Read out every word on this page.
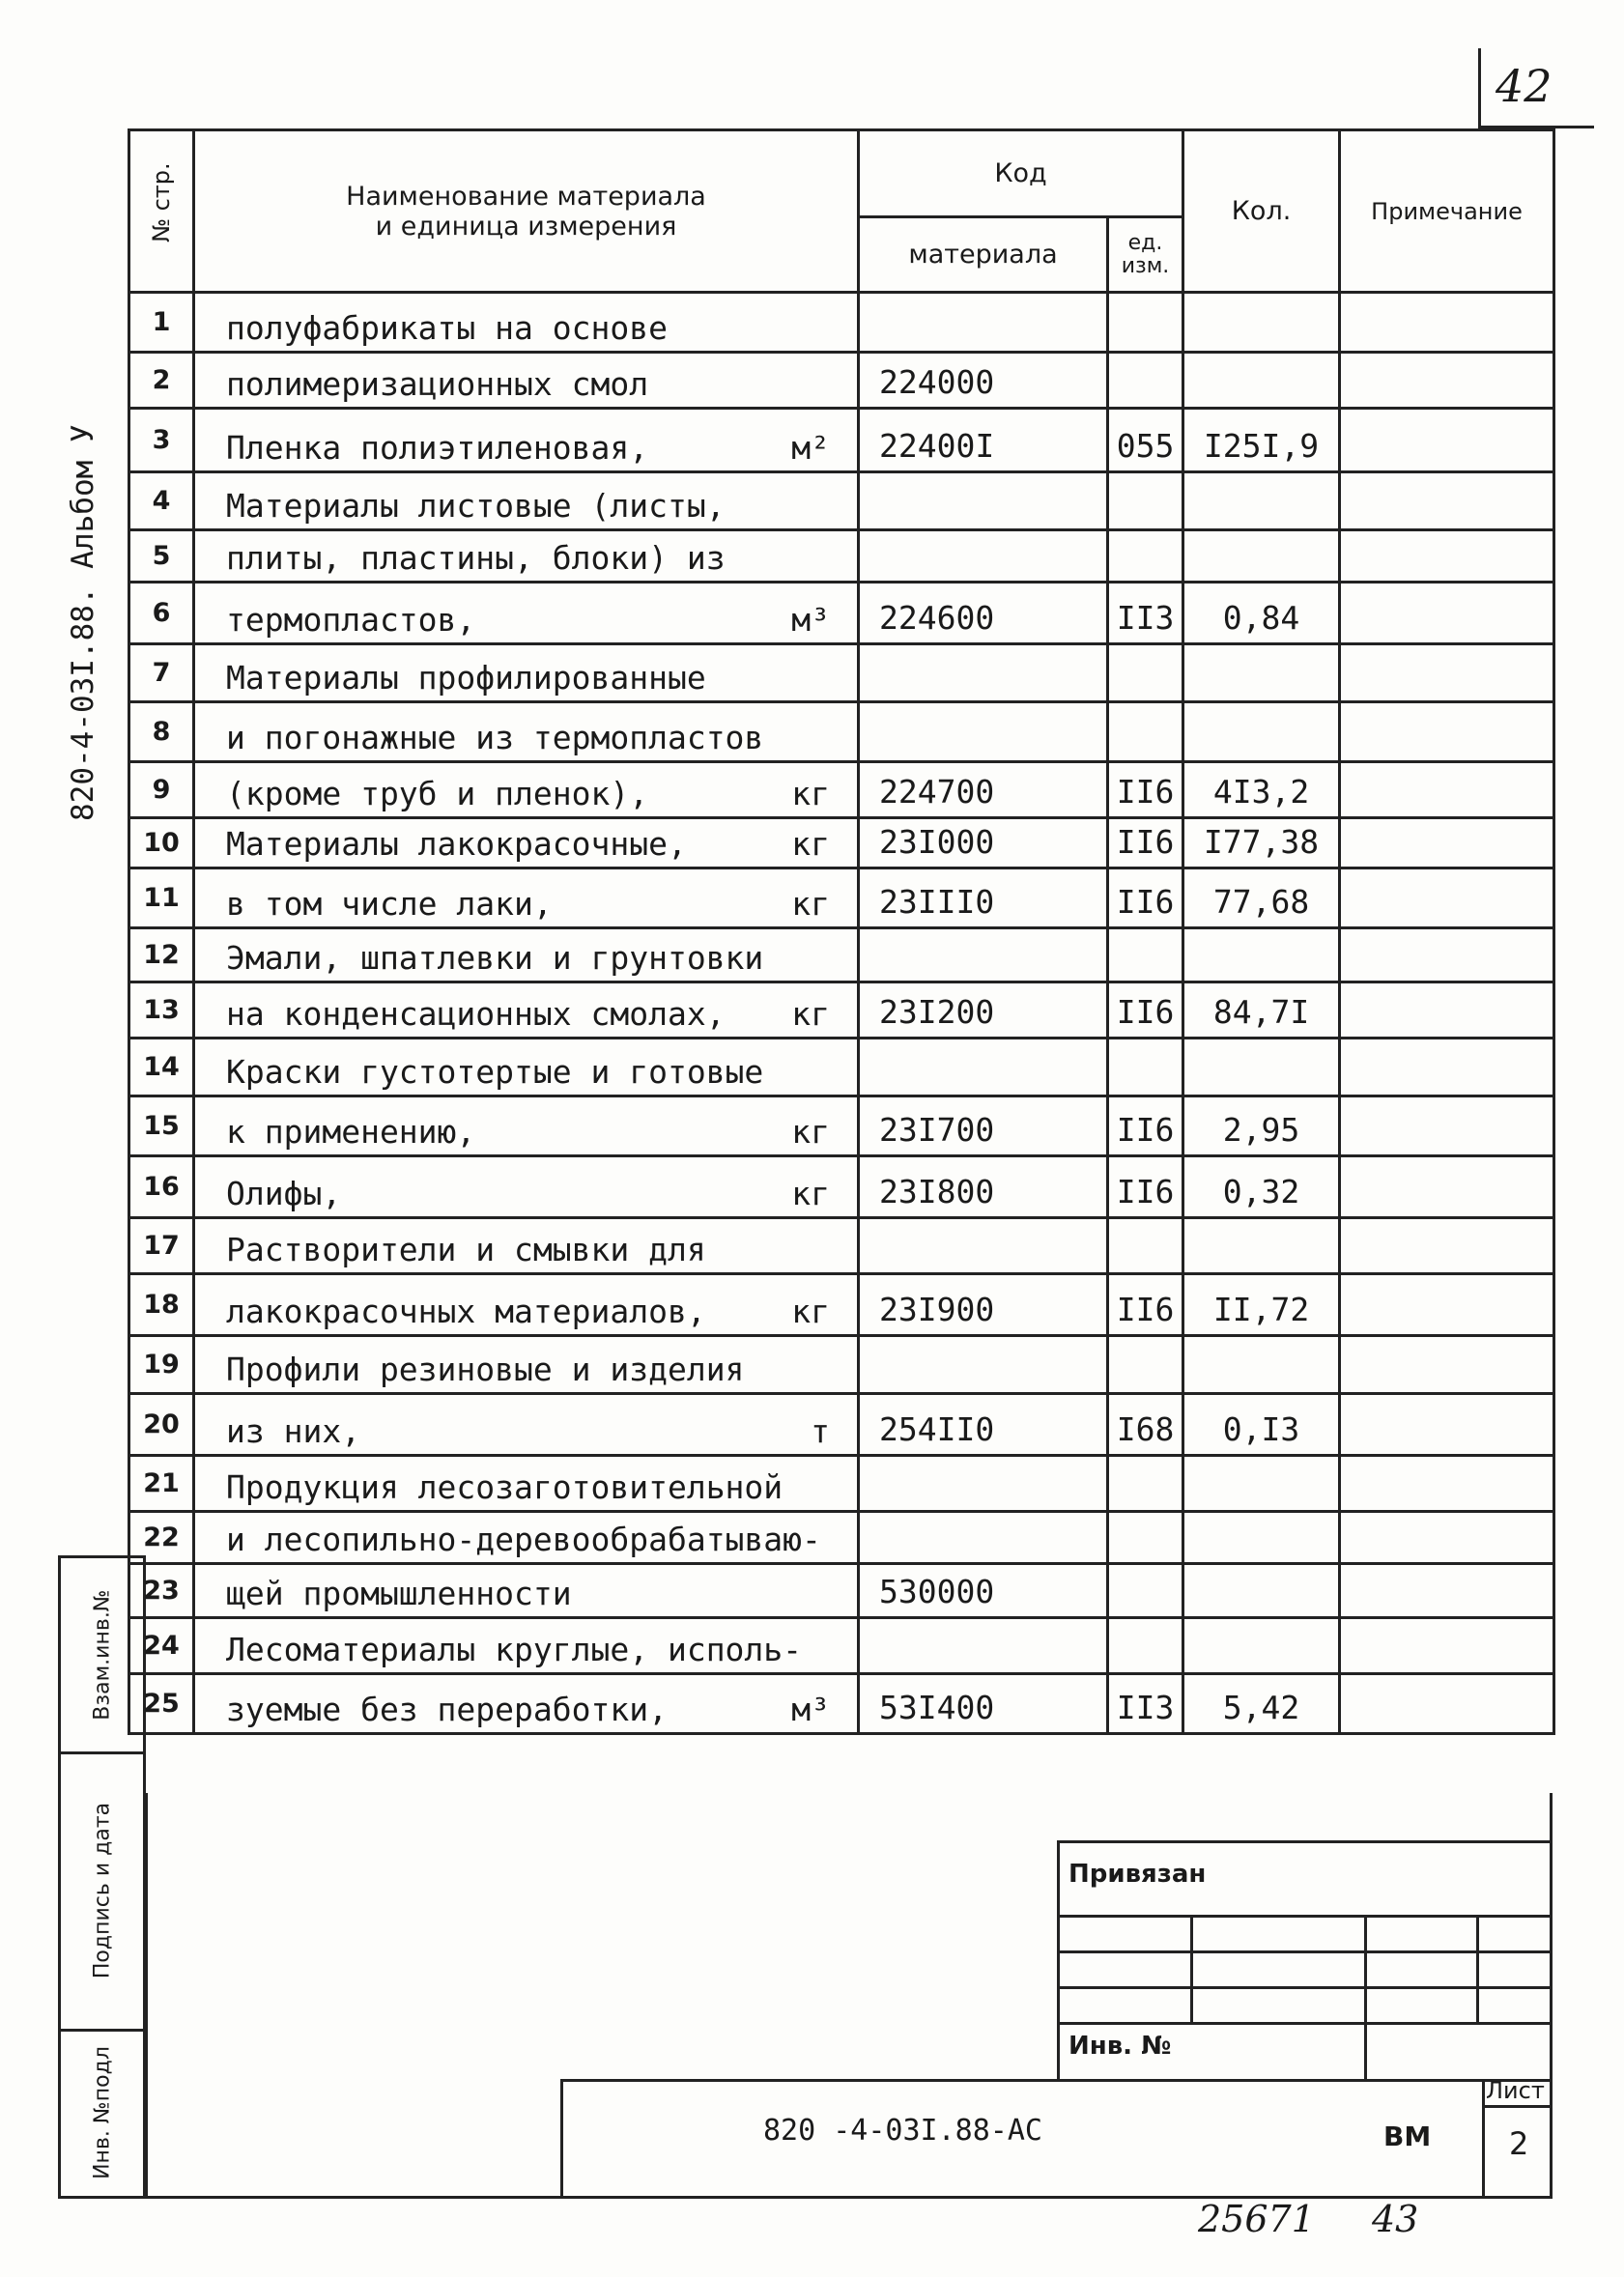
42
820-4-03I.88. Альбом У
Взам.инв.№
Подпись и дата
Инв. №подл
№ стр.	Наименование материала
и единица измерения	Код		Кол.	Примечание
		материала	ед. изм.		
1	полуфабрикаты на основе

2	полимеризационных смол	224000			
3	Пленка полиэтиленовая, м²	22400I	055	I25I,9	
4	Материалы листовые (листы,

5	плиты, пластины, блоки) из

6	термопластов, м³	224600	II3	0,84	
7	Материалы профилированные

8	и погонажные из термопластов

9	(кроме труб и пленок), кг	224700	II6	4I3,2	
10	Материалы лакокрасочные, кг	23I000	II6	I77,38	
11	в том числе лаки, кг	23III0	II6	77,68	
12	Эмали, шпатлевки и грунтовки

13	на конденсационных смолах, кг	23I200	II6	84,7I	
14	Краски густотертые и готовые

15	к применению, кг	23I700	II6	2,95	
16	Олифы, кг	23I800	II6	0,32	
17	Растворители и смывки для

18	лакокрасочных материалов, кг	23I900	II6	II,72	
19	Профили резиновые и изделия

20	из них, т	254II0	I68	0,I3	
21	Продукция лесозаготовительной

22	и лесопильно-деревообрабатываю-

23	щей промышленности	530000			
24	Лесоматериалы круглые, исполь-

25	зуемые без переработки, м³	53I400	II3	5,42	
Привязан
Инв. №
820 -4-03I.88-АС	ВМ
Лист
2
25671 43
